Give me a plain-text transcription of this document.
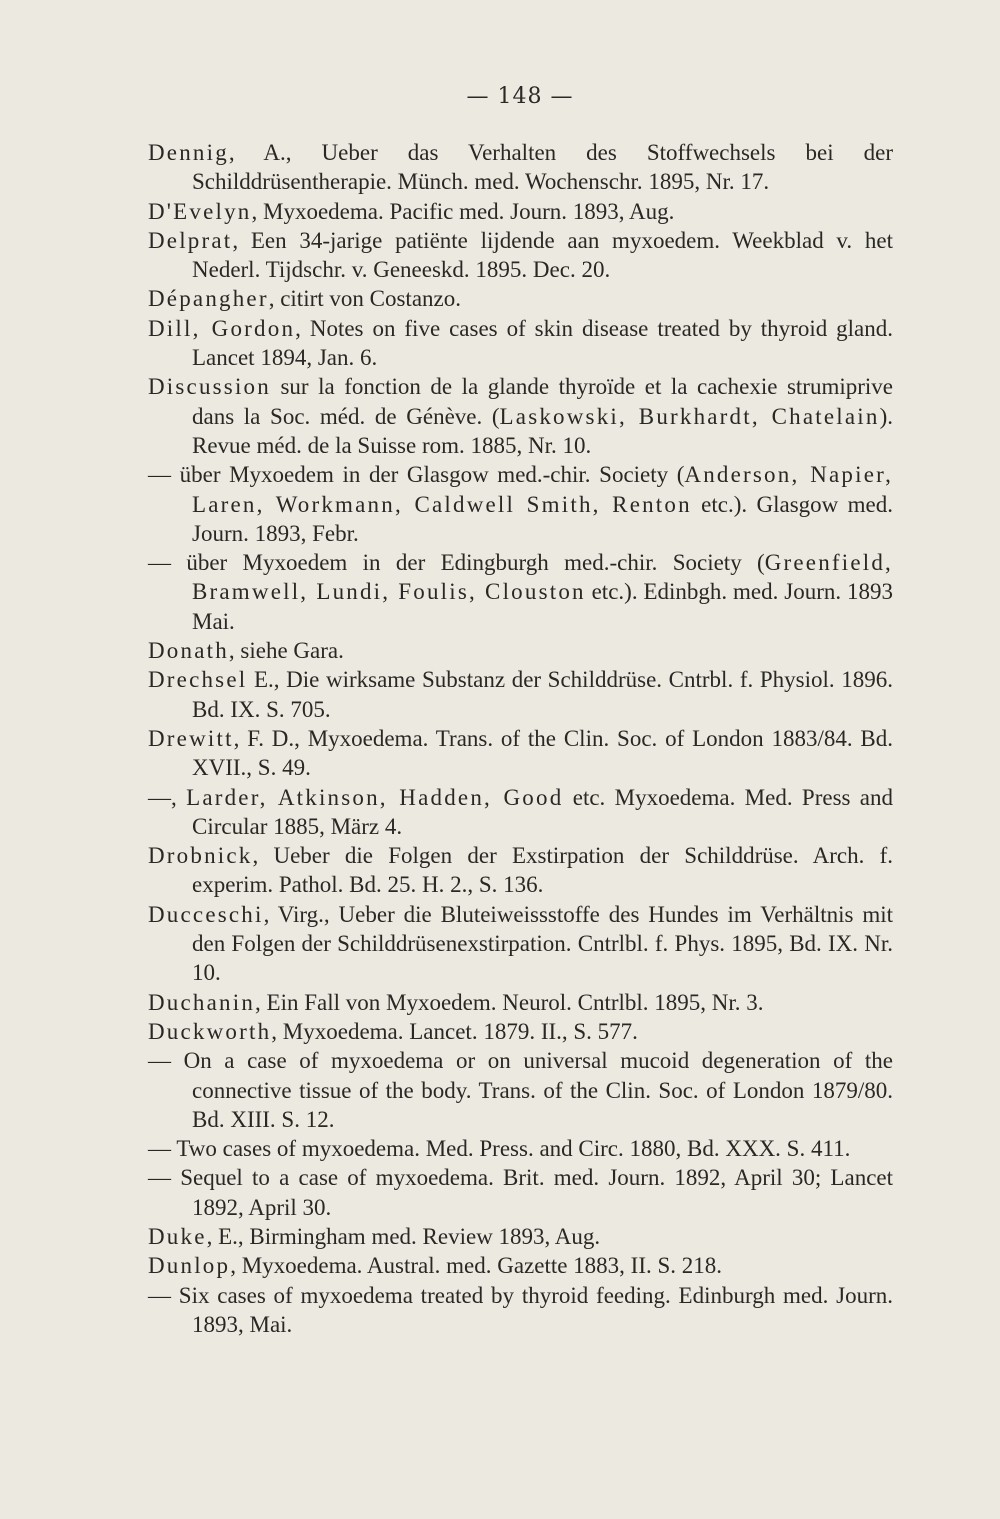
— 148 —

Dennig, A., Ueber das Verhalten des Stoffwechsels bei der Schilddrüsentherapie. Münch. med. Wochenschr. 1895, Nr. 17.

D'Evelyn, Myxoedema. Pacific med. Journ. 1893, Aug.

Delprat, Een 34-jarige patiënte lijdende aan myxoedem. Weekblad v. het Nederl. Tijdschr. v. Geneeskd. 1895. Dec. 20.

Dépangher, citirt von Costanzo.

Dill, Gordon, Notes on five cases of skin disease treated by thyroid gland. Lancet 1894, Jan. 6.

Discussion sur la fonction de la glande thyroïde et la cachexie strumiprive dans la Soc. méd. de Génève. (Laskowski, Burkhardt, Chatelain). Revue méd. de la Suisse rom. 1885, Nr. 10.

— über Myxoedem in der Glasgow med.-chir. Society (Anderson, Napier, Laren, Workmann, Caldwell Smith, Renton etc.). Glasgow med. Journ. 1893, Febr.

— über Myxoedem in der Edingburgh med.-chir. Society (Greenfield, Bramwell, Lundi, Foulis, Clouston etc.). Edinbgh. med. Journ. 1893 Mai.

Donath, siehe Gara.

Drechsel E., Die wirksame Substanz der Schilddrüse. Cntrbl. f. Physiol. 1896. Bd. IX. S. 705.

Drewitt, F. D., Myxoedema. Trans. of the Clin. Soc. of London 1883/84. Bd. XVII., S. 49.

—, Larder, Atkinson, Hadden, Good etc. Myxoedema. Med. Press and Circular 1885, März 4.

Drobnick, Ueber die Folgen der Exstirpation der Schilddrüse. Arch. f. experim. Pathol. Bd. 25. H. 2., S. 136.

Ducceschi, Virg., Ueber die Bluteiweissstoffe des Hundes im Verhältnis mit den Folgen der Schilddrüsenexstirpation. Cntrlbl. f. Phys. 1895, Bd. IX. Nr. 10.

Duchanin, Ein Fall von Myxoedem. Neurol. Cntrlbl. 1895, Nr. 3.

Duckworth, Myxoedema. Lancet. 1879. II., S. 577.

— On a case of myxoedema or on universal mucoid degeneration of the connective tissue of the body. Trans. of the Clin. Soc. of London 1879/80. Bd. XIII. S. 12.

— Two cases of myxoedema. Med. Press. and Circ. 1880, Bd. XXX. S. 411.

— Sequel to a case of myxoedema. Brit. med. Journ. 1892, April 30; Lancet 1892, April 30.

Duke, E., Birmingham med. Review 1893, Aug.

Dunlop, Myxoedema. Austral. med. Gazette 1883, II. S. 218.

— Six cases of myxoedema treated by thyroid feeding. Edinburgh med. Journ. 1893, Mai.
